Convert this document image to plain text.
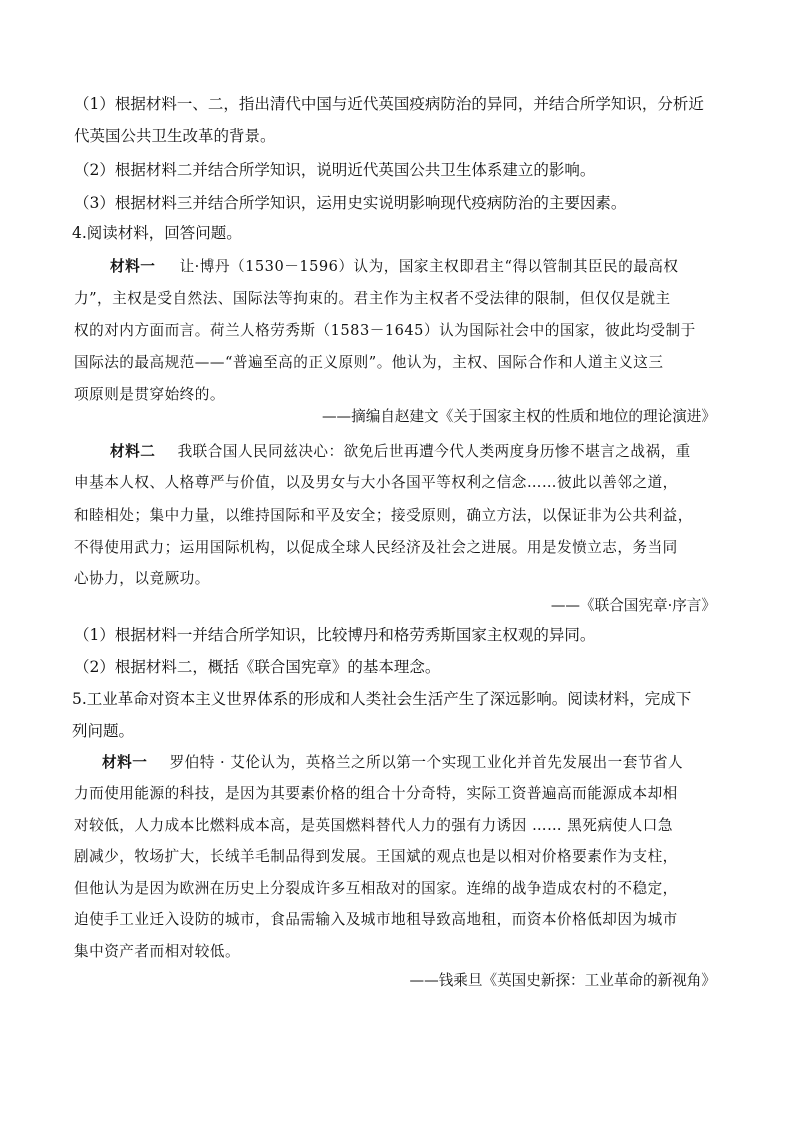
（1）根据材料一、二，指出清代中国与近代英国疫病防治的异同，并结合所学知识，分析近
代英国公共卫生改革的背景。
（2）根据材料二并结合所学知识，说明近代英国公共卫生体系建立的影响。
（3）根据材料三并结合所学知识，运用史实说明影响现代疫病防治的主要因素。
4.阅读材料，回答问题。
材料一 让·博丹（1530－1596）认为，国家主权即君主“得以管制其臣民的最高权
力”，主权是受自然法、国际法等拘束的。君主作为主权者不受法律的限制，但仅仅是就主
权的对内方面而言。荷兰人格劳秀斯（1583－1645）认为国际社会中的国家，彼此均受制于
国际法的最高规范——“普遍至高的正义原则”。他认为，主权、国际合作和人道主义这三
项原则是贯穿始终的。
——摘编自赵建文《关于国家主权的性质和地位的理论演进》
材料二 我联合国人民同兹决心：欲免后世再遭今代人类两度身历惨不堪言之战祸，重
申基本人权、人格尊严与价值，以及男女与大小各国平等权利之信念……彼此以善邻之道，
和睦相处；集中力量，以维持国际和平及安全；接受原则，确立方法，以保证非为公共利益，
不得使用武力；运用国际机构，以促成全球人民经济及社会之进展。用是发愤立志，务当同
心协力，以竟厥功。
——《联合国宪章·序言》
（1）根据材料一并结合所学知识，比较博丹和格劳秀斯国家主权观的异同。
（2）根据材料二，概括《联合国宪章》的基本理念。
5.工业革命对资本主义世界体系的形成和人类社会生活产生了深远影响。阅读材料，完成下
列问题。
材料一 罗伯特 · 艾伦认为，英格兰之所以第一个实现工业化并首先发展出一套节省人
力而使用能源的科技，是因为其要素价格的组合十分奇特，实际工资普遍高而能源成本却相
对较低，人力成本比燃料成本高，是英国燃料替代人力的强有力诱因 …… 黑死病使人口急
剧减少，牧场扩大，长绒羊毛制品得到发展。王国斌的观点也是以相对价格要素作为支柱，
但他认为是因为欧洲在历史上分裂成许多互相敌对的国家。连绵的战争造成农村的不稳定，
迫使手工业迁入设防的城市，食品需输入及城市地租导致高地租，而资本价格低却因为城市
集中资产者而相对较低。
——钱乘旦《英国史新探：工业革命的新视角》
